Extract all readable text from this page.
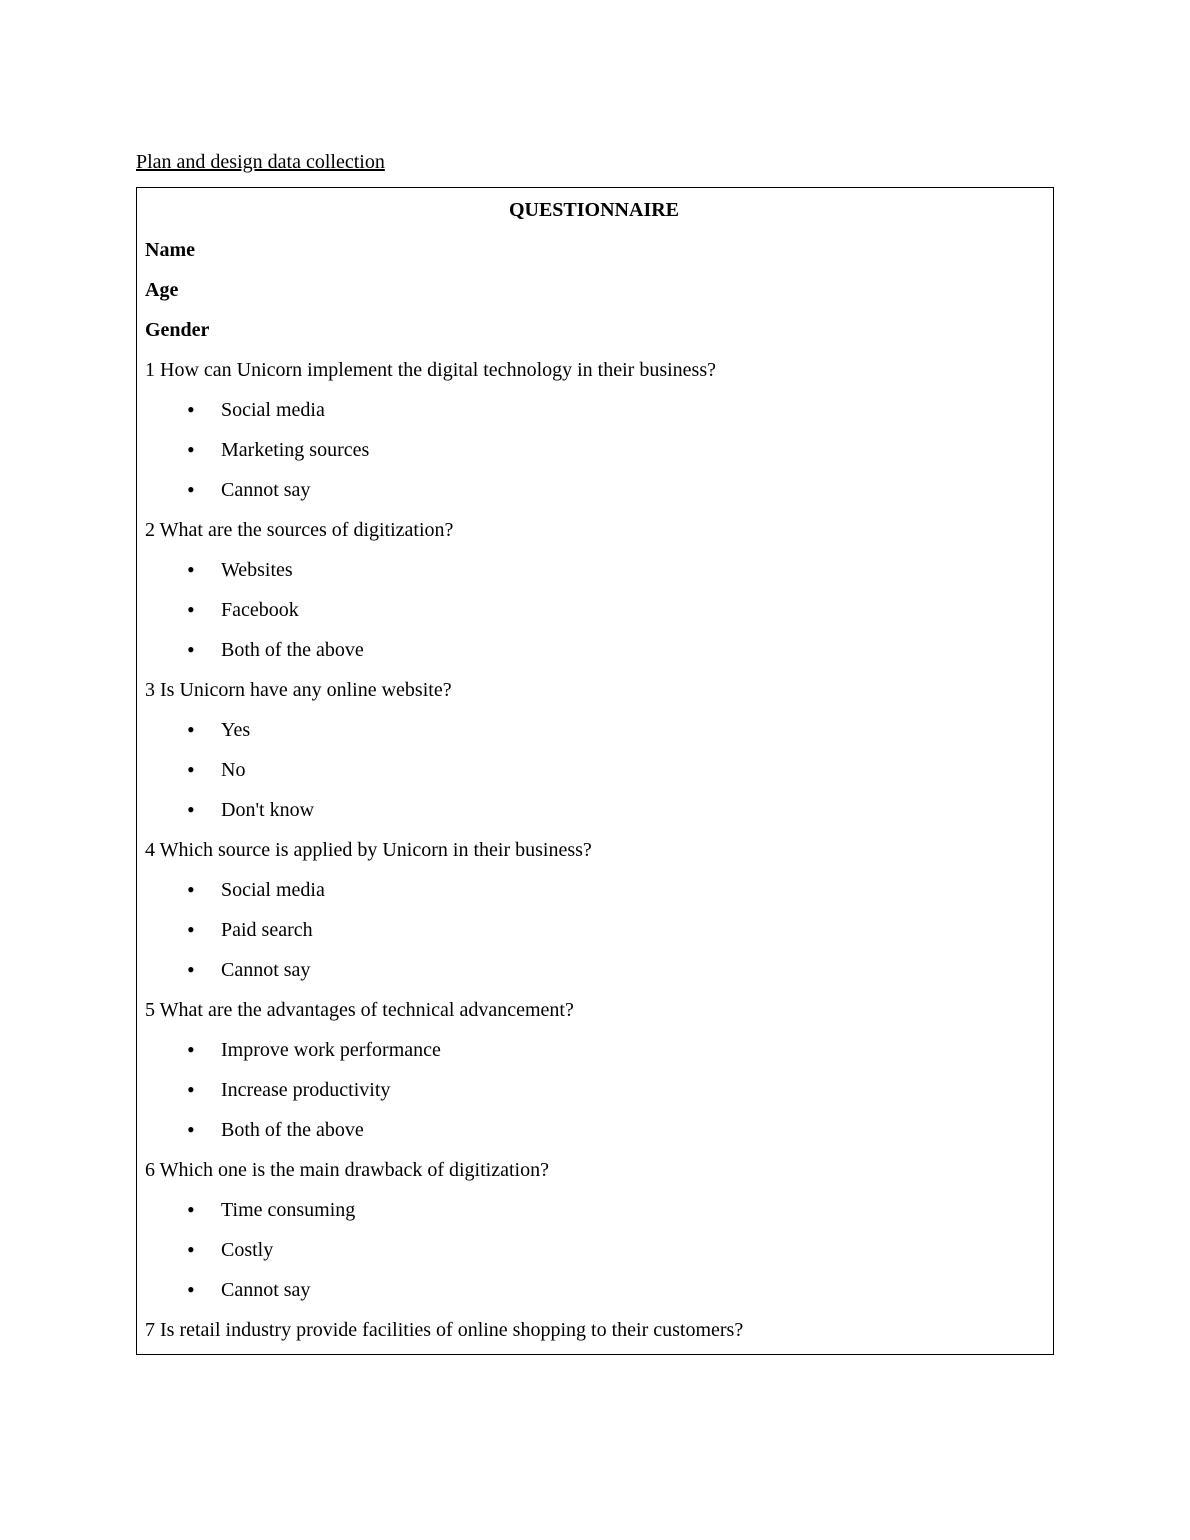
Plan and design data collection
QUESTIONNAIRE
Name
Age
Gender
1 How can Unicorn implement the digital technology in their business?
• Social media
• Marketing sources
• Cannot say
2 What are the sources of digitization?
• Websites
• Facebook
• Both of the above
3 Is Unicorn have any online website?
• Yes
• No
• Don't know
4 Which source is applied by Unicorn in their business?
• Social media
• Paid search
• Cannot say
5 What are the advantages of technical advancement?
• Improve work performance
• Increase productivity
• Both of the above
6 Which one is the main drawback of digitization?
• Time consuming
• Costly
• Cannot say
7 Is retail industry provide facilities of online shopping to their customers?
